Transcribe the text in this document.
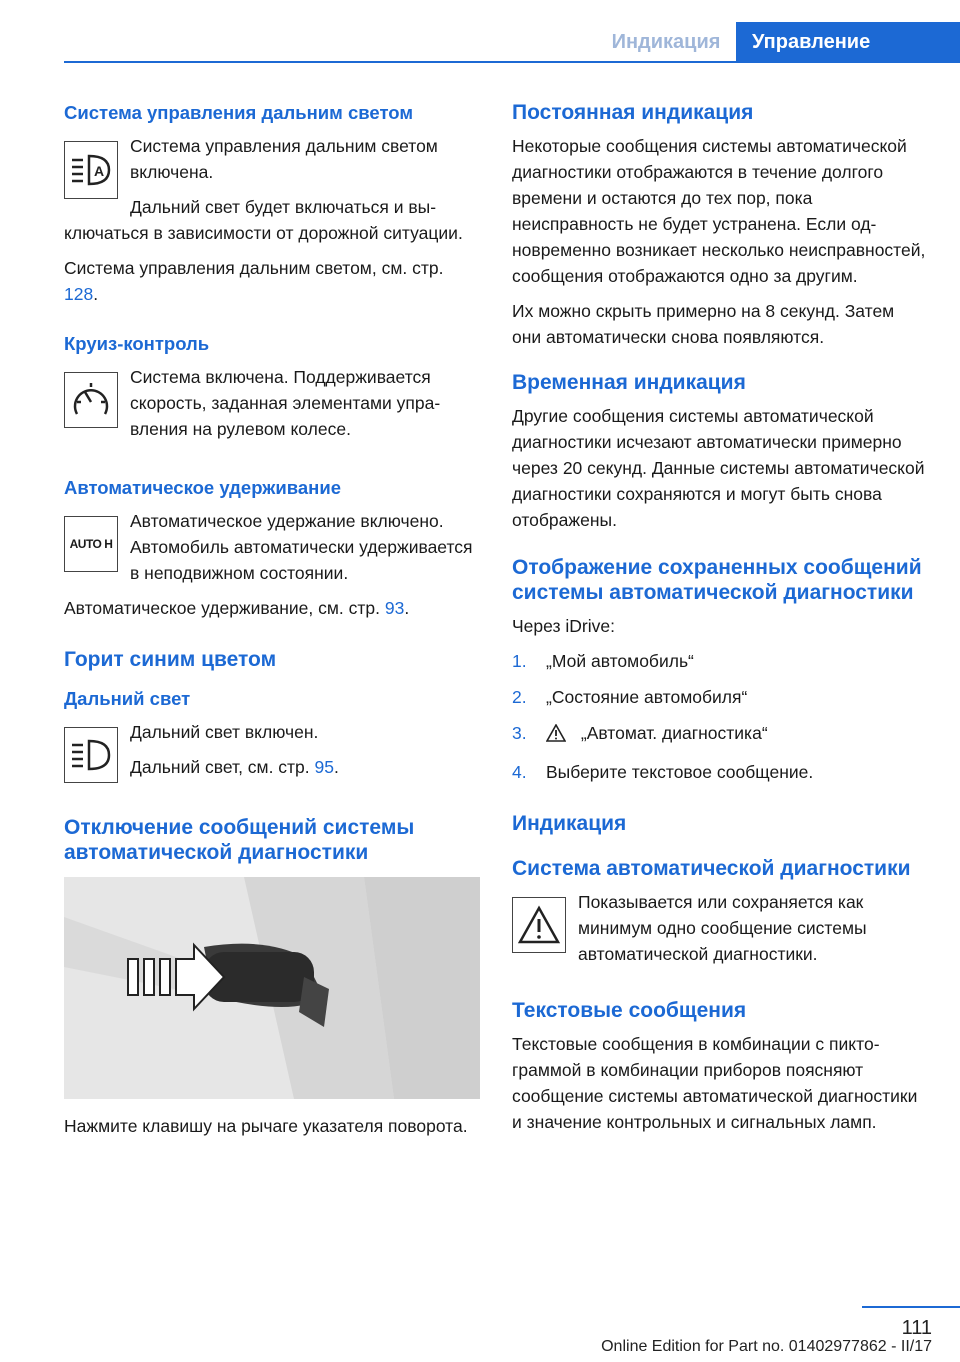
Индикация	Управление
Система управления дальним светом
A
Система управления дальним светом включена.
Дальний свет будет включаться и выключаться в зависимости от дорожной ситуации.
Система управления дальним светом, см. стр. 128.
Круиз-контроль
Система включена. Поддерживается скорость, заданная элементами управления на рулевом колесе.
Автоматическое удерживание
AUTO H
Автоматическое удержание включено. Автомобиль автоматически удерживается в неподвижном состоянии.
Автоматическое удерживание, см. стр. 93.
Горит синим цветом
Дальний свет
Дальний свет включен.
Дальний свет, см. стр. 95.
Отключение сообщений системы автоматической диагностики
Нажмите клавишу на рычаге указателя поворота.
Постоянная индикация
Некоторые сообщения системы автоматической диагностики отображаются в течение долгого времени и остаются до тех пор, пока неисправность не будет устранена. Если одновременно возникает несколько неисправностей, сообщения отображаются одно за другим.
Их можно скрыть примерно на 8 секунд. Затем они автоматически снова появляются.
Временная индикация
Другие сообщения системы автоматической диагностики исчезают автоматически примерно через 20 секунд. Данные системы автоматической диагностики сохраняются и могут быть снова отображены.
Отображение сохраненных сообщений системы автоматической диагностики
Через iDrive:
1. „Мой автомобиль“
2. „Состояние автомобиля“
3.	„Автомат. диагностика“
4. Выберите текстовое сообщение.
Индикация
Система автоматической диагностики
Показывается или сохраняется как минимум одно сообщение системы автоматической диагностики.
Текстовые сообщения
Текстовые сообщения в комбинации с пиктограммой в комбинации приборов поясняют сообщение системы автоматической диагностики и значение контрольных и сигнальных ламп.
111
Online Edition for Part no. 01402977862 - II/17
